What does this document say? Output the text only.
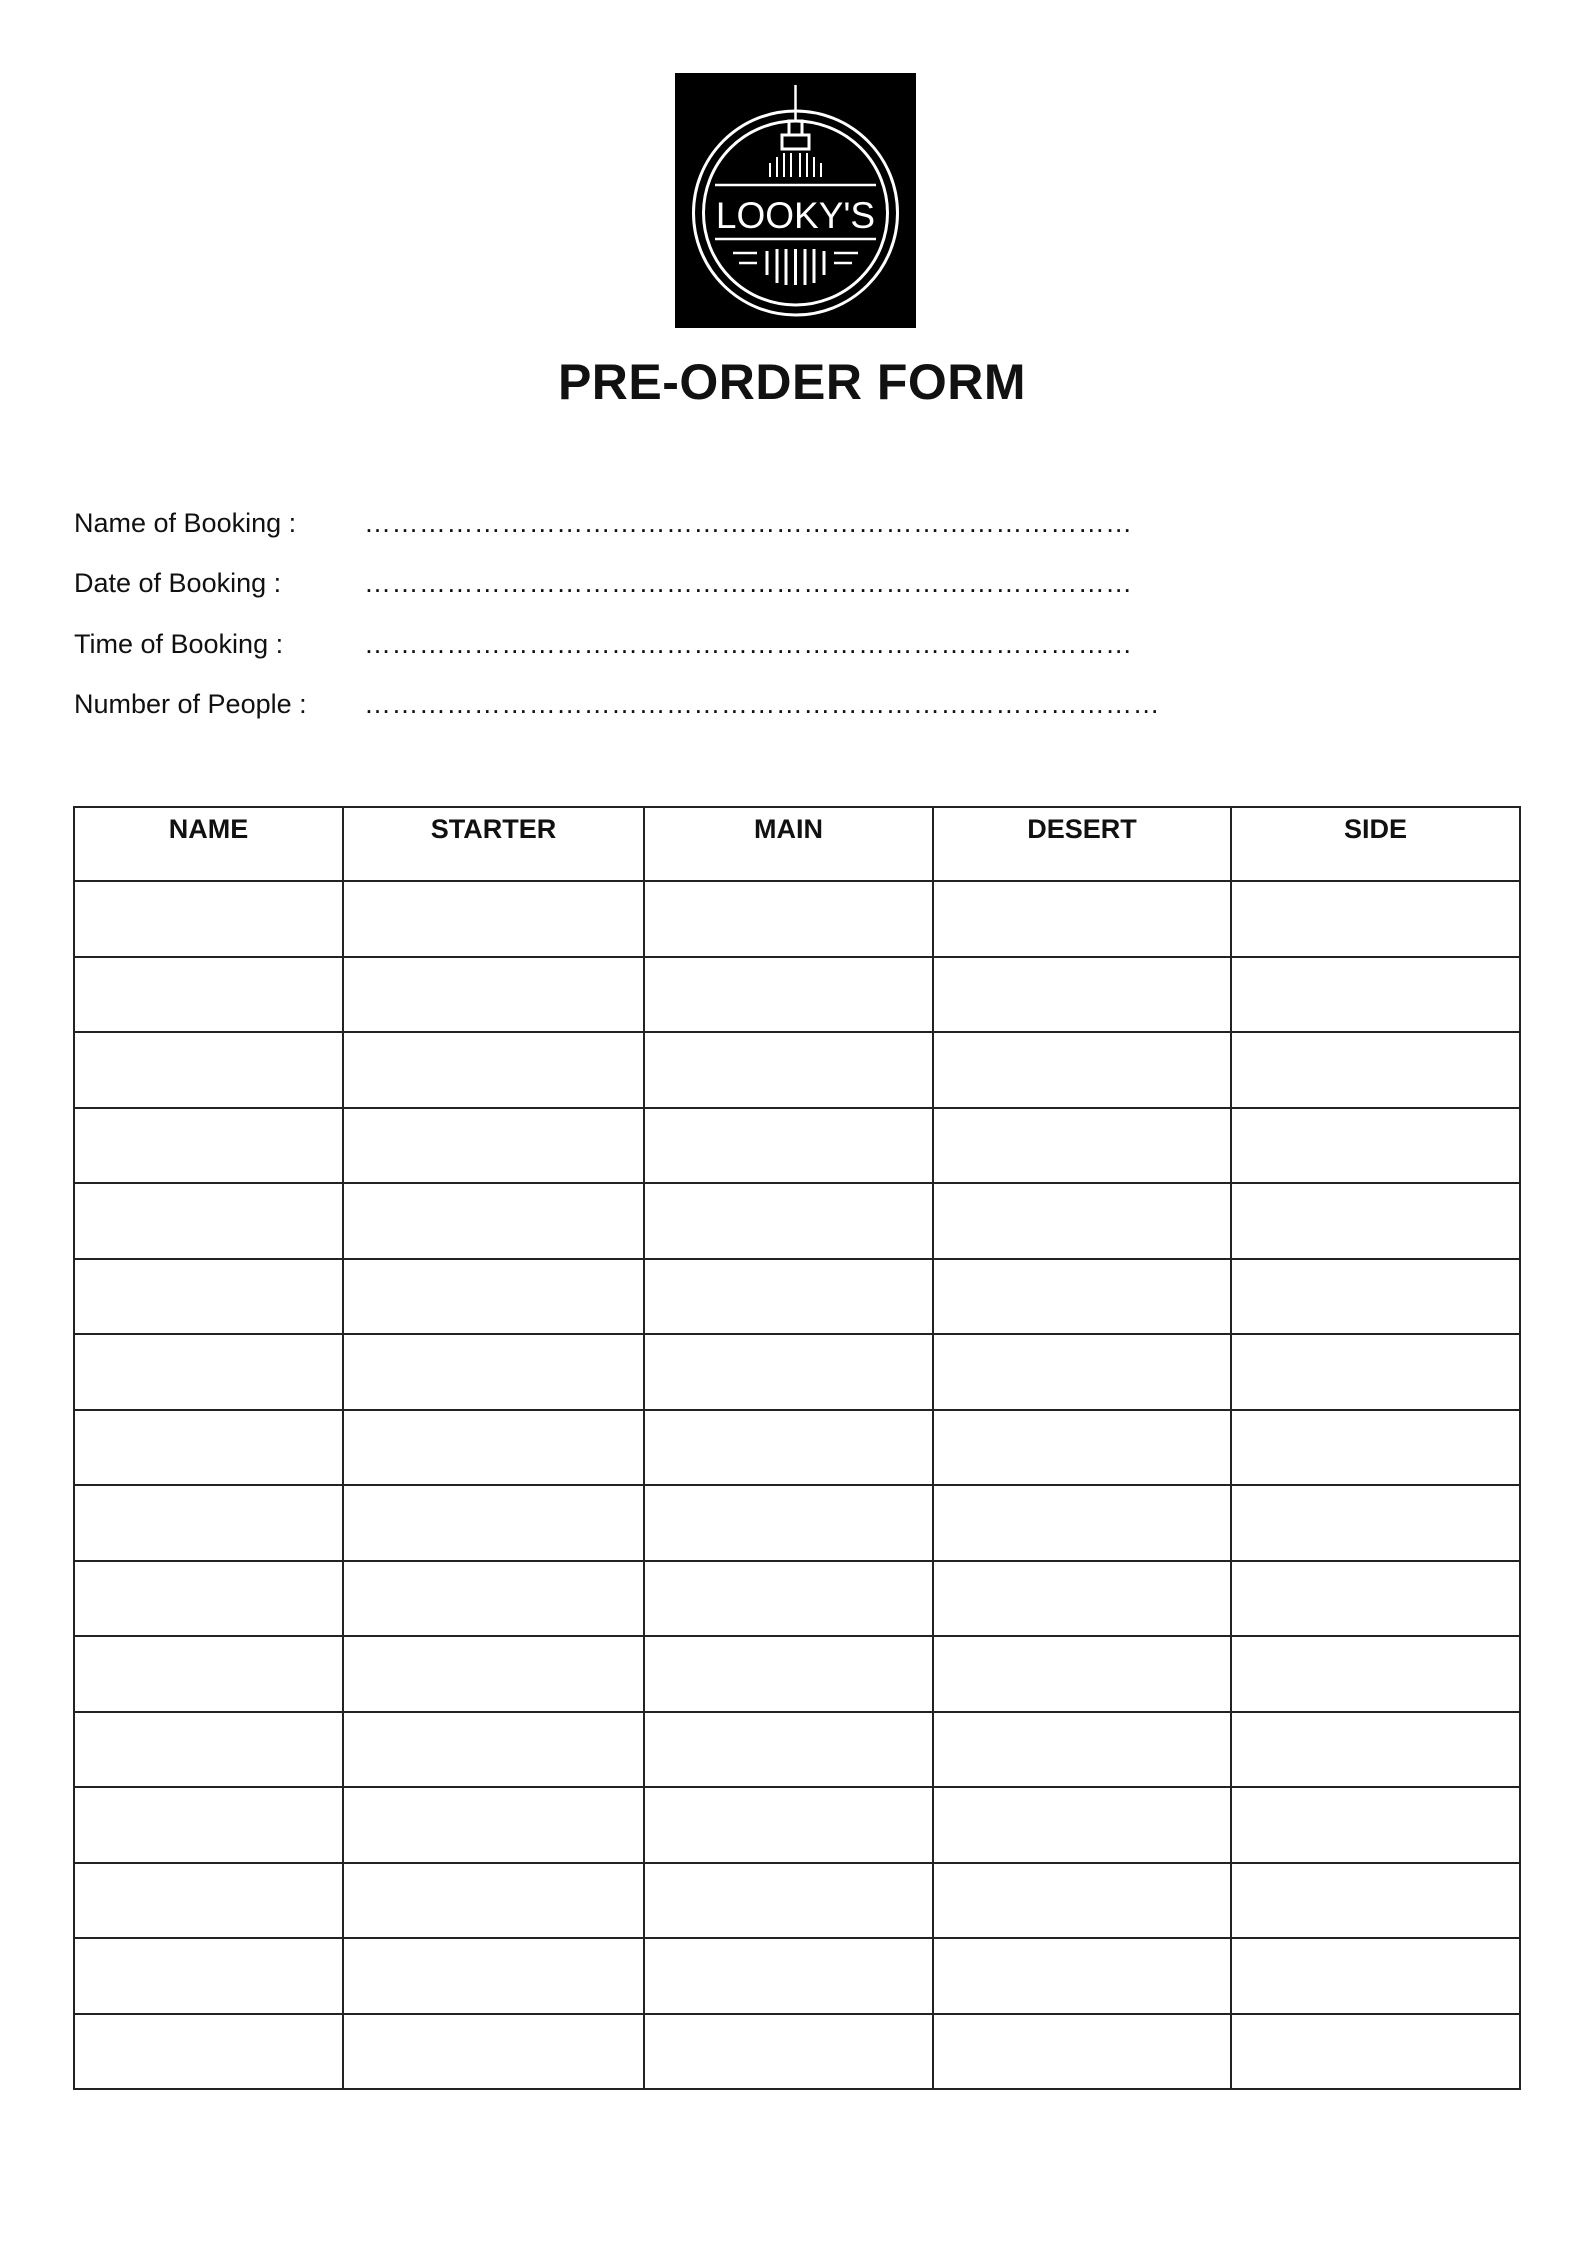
LOOKY'S
PRE-ORDER FORM
Name of Booking :	…………………………………………………………………………
Date of Booking :	…………………………………………………………………………
Time of Booking :	…………………………………………………………………………
Number of People : ……………………………………………………………………………
NAME	STARTER	MAIN	DESERT	SIDE
